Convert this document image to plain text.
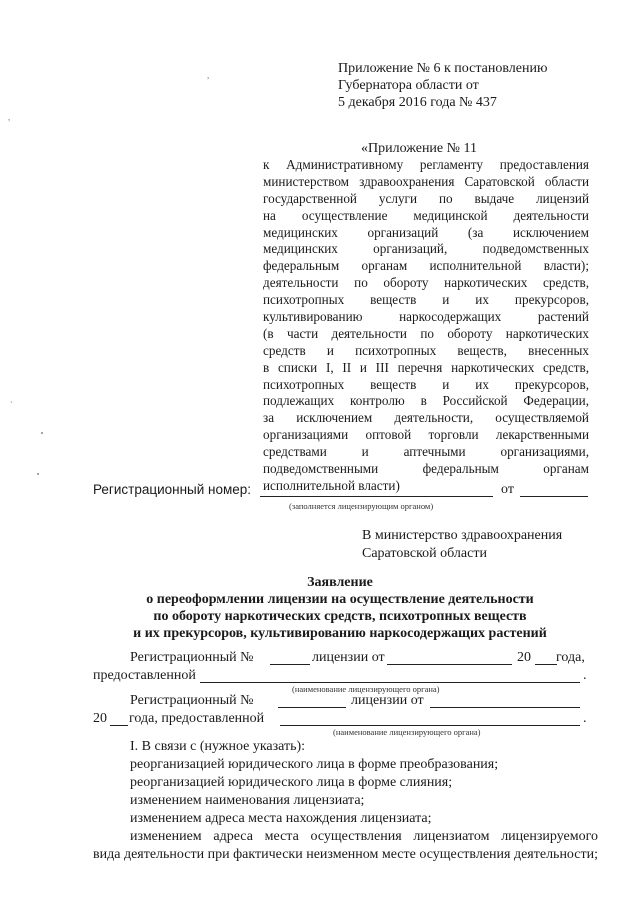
,
,
`
Приложение № 6 к постановлению
Губернатора области от
5 декабря 2016 года № 437
«Приложение № 11
к Административному регламенту предоставления
министерством здравоохранения Саратовской области
государственной услуги по выдаче лицензий
на осуществление медицинской деятельности
медицинских организаций (за исключением
медицинских организаций, подведомственных
федеральным органам исполнительной власти);
деятельности по обороту наркотических средств,
психотропных веществ и их прекурсоров,
культивированию наркосодержащих растений
(в части деятельности по обороту наркотических
средств и психотропных веществ, внесенных
в списки I, II и III перечня наркотических средств,
психотропных веществ и их прекурсоров,
подлежащих контролю в Российской Федерации,
за исключением деятельности, осуществляемой
организациями оптовой торговли лекарственными
средствами и аптечными организациями,
подведомственными федеральным органам
исполнительной власти)
Регистрационный номер:	от
(заполняется лицензирующим органом)
В министерство здравоохранения
Саратовской области
Заявление
о переоформлении лицензии на осуществление деятельности
по обороту наркотических средств, психотропных веществ
и их прекурсоров, культивированию наркосодержащих растений
Регистрационный №	лицензии от	20 года,
предоставленной	.
(наименование лицензирующего органа)
Регистрационный №	лицензии от
20 года, предоставленной	.
(наименование лицензирующего органа)
I. В связи с (нужное указать):
реорганизацией юридического лица в форме преобразования;
реорганизацией юридического лица в форме слияния;
изменением наименования лицензиата;
изменением адреса места нахождения лицензиата;
изменением адреса места осуществления лицензиатом лицензируемого
вида деятельности при фактически неизменном месте осуществления деятельности;
